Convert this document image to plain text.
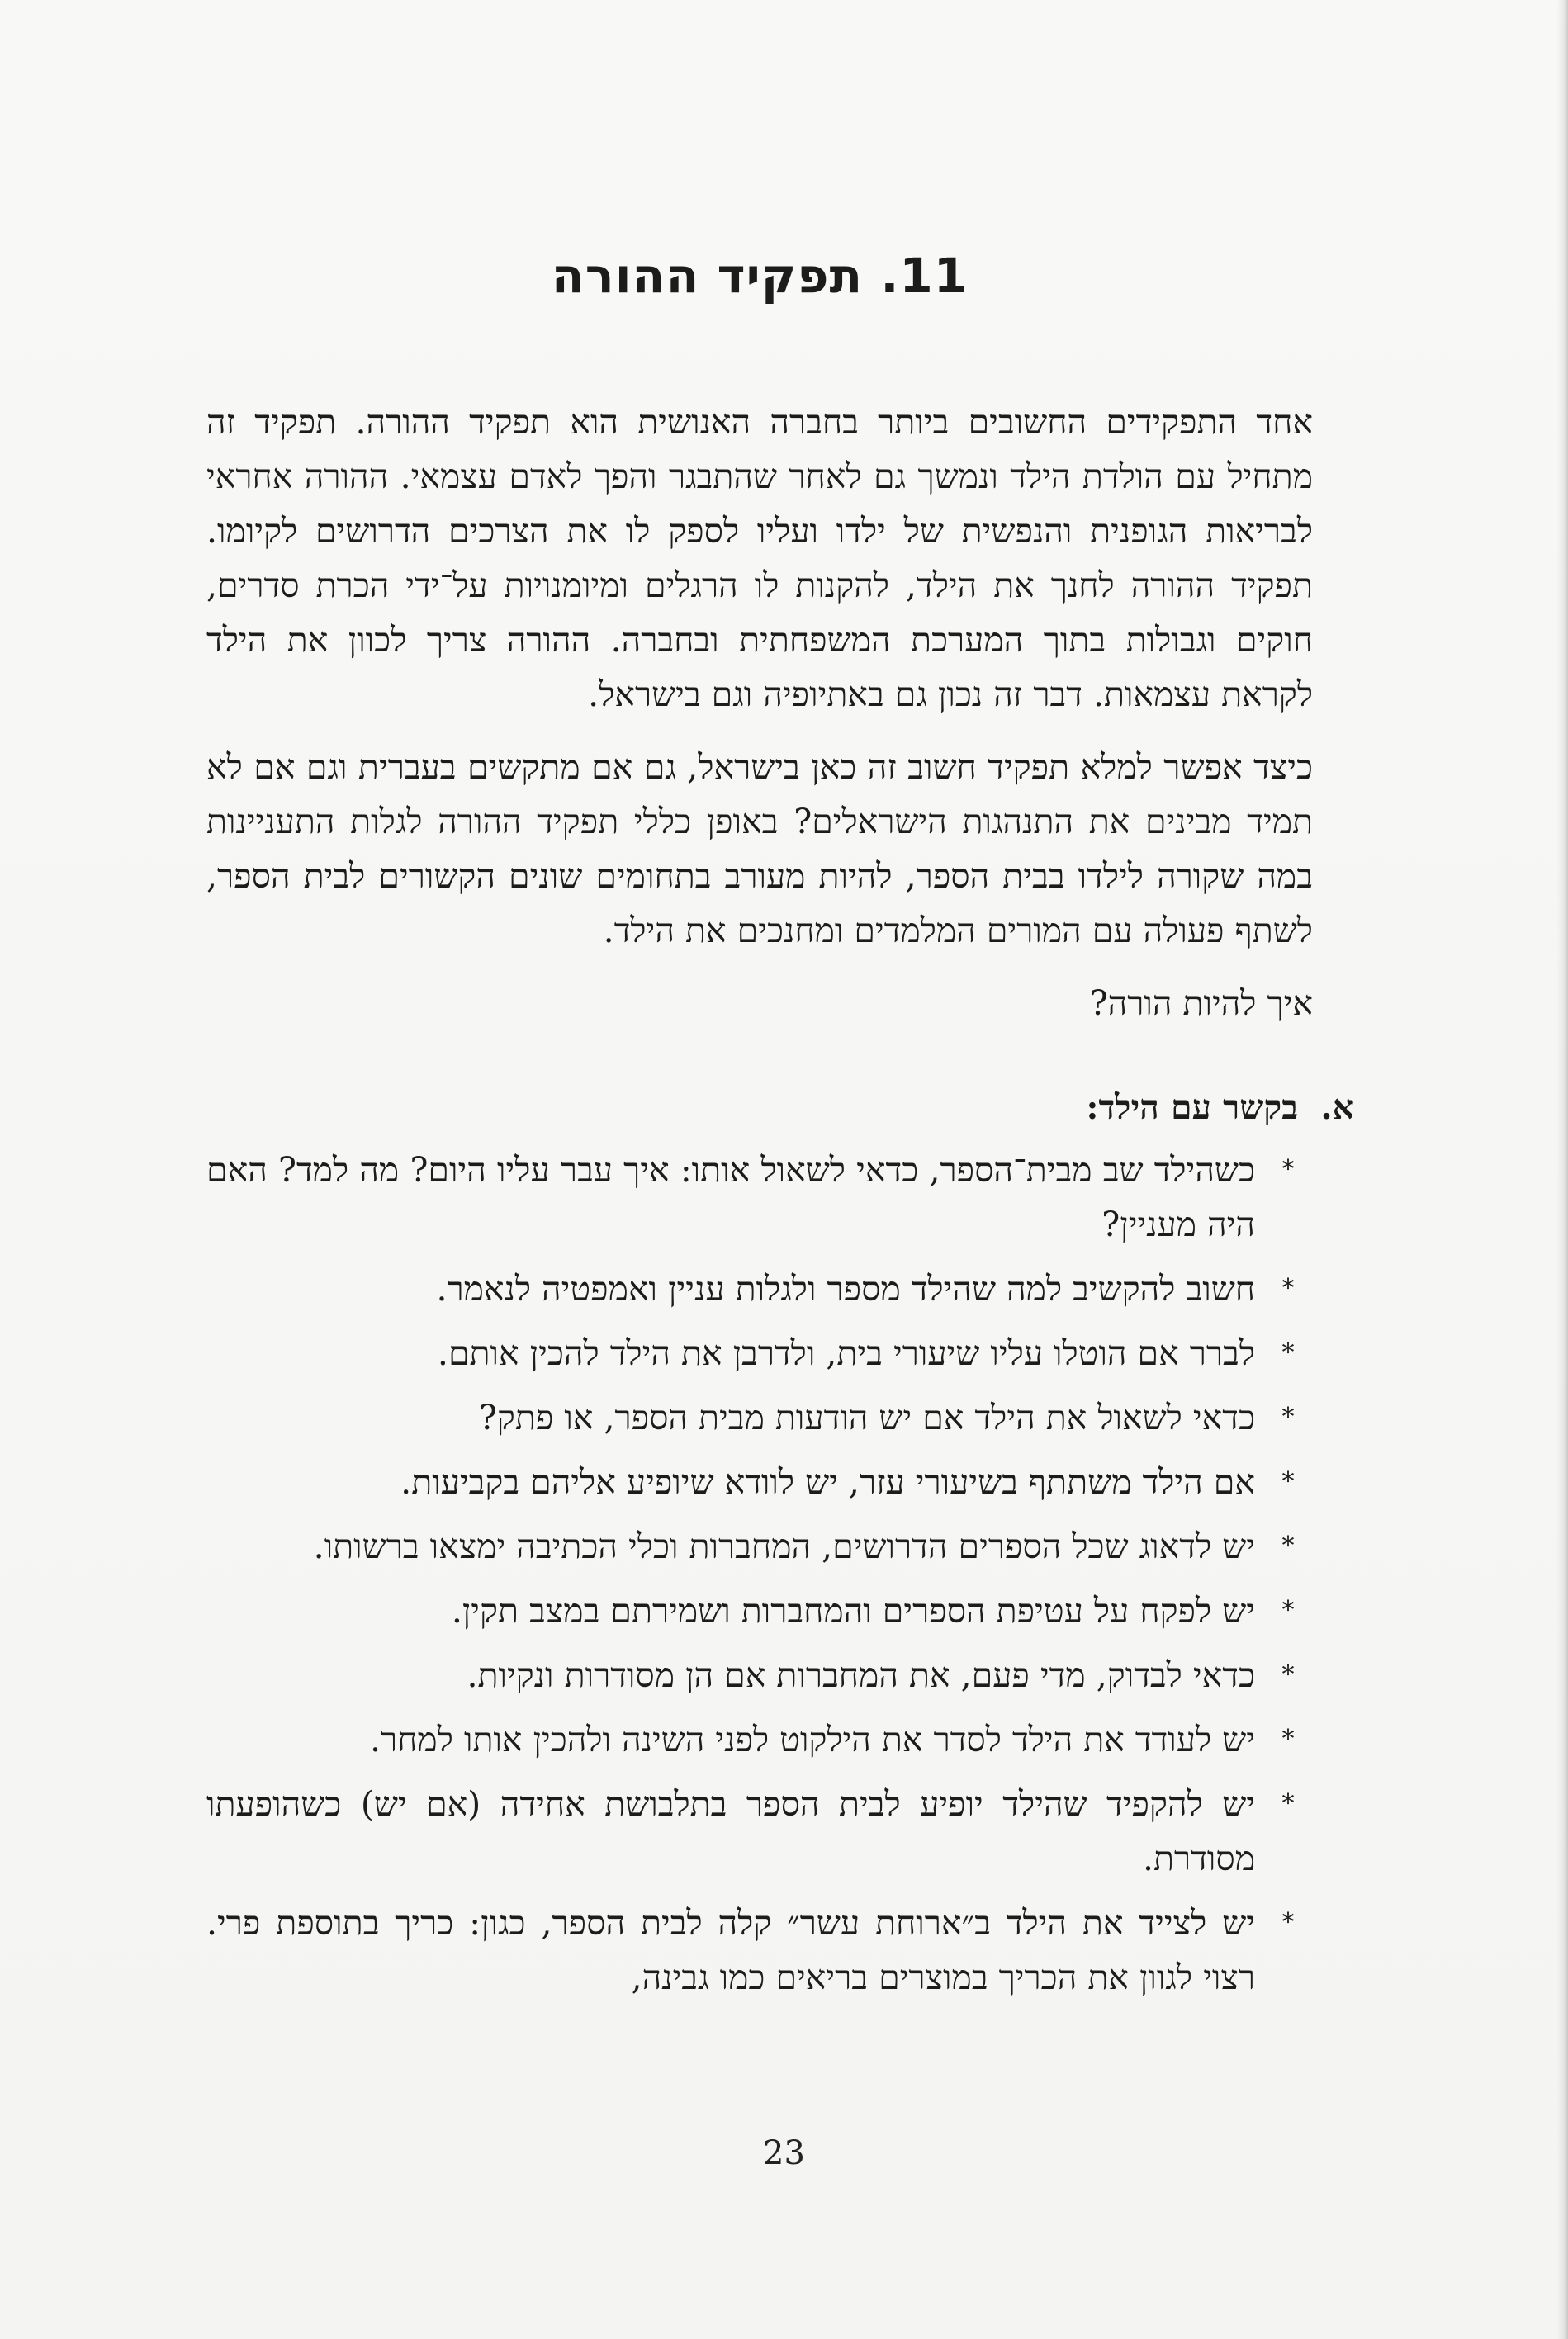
11. תפקיד ההורה

אחד התפקידים החשובים ביותר בחברה האנושית הוא תפקיד ההורה. תפקיד זה מתחיל עם הולדת הילד ונמשך גם לאחר שהתבגר והפך לאדם עצמאי. ההורה אחראי לבריאות הגופנית והנפשית של ילדו ועליו לספק לו את הצרכים הדרושים לקיומו. תפקיד ההורה לחנך את הילד, להקנות לו הרגלים ומיומנויות על־ידי הכרת סדרים, חוקים וגבולות בתוך המערכת המשפחתית ובחברה. ההורה צריך לכוון את הילד לקראת עצמאות. דבר זה נכון גם באתיופיה וגם בישראל.

כיצד אפשר למלא תפקיד חשוב זה כאן בישראל, גם אם מתקשים בעברית וגם אם לא תמיד מבינים את התנהגות הישראלים? באופן כללי תפקיד ההורה לגלות התעניינות במה שקורה לילדו בבית הספר, להיות מעורב בתחומים שונים הקשורים לבית הספר, לשתף פעולה עם המורים המלמדים ומחנכים את הילד.

איך להיות הורה?

א.
בקשר עם הילד:
*
כשהילד שב מבית־הספר, כדאי לשאול אותו: איך עבר עליו היום? מה למד? האם היה מעניין?
*
חשוב להקשיב למה שהילד מספר ולגלות עניין ואמפטיה לנאמר.
*
לברר אם הוטלו עליו שיעורי בית, ולדרבן את הילד להכין אותם.
*
כדאי לשאול את הילד אם יש הודעות מבית הספר, או פתק?
*
אם הילד משתתף בשיעורי עזר, יש לוודא שיופיע אליהם בקביעות.
*
יש לדאוג שכל הספרים הדרושים, המחברות וכלי הכתיבה ימצאו ברשותו.
*
יש לפקח על עטיפת הספרים והמחברות ושמירתם במצב תקין.
*
כדאי לבדוק, מדי פעם, את המחברות אם הן מסודרות ונקיות.
*
יש לעודד את הילד לסדר את הילקוט לפני השינה ולהכין אותו למחר.
*
יש להקפיד שהילד יופיע לבית הספר בתלבושת אחידה (אם יש) כשהופעתו מסודרת.
*
יש לצייד את הילד ב״ארוחת עשר״ קלה לבית הספר, כגון: כריך בתוספת פרי. רצוי לגוון את הכריך במוצרים בריאים כמו גבינה,
23
